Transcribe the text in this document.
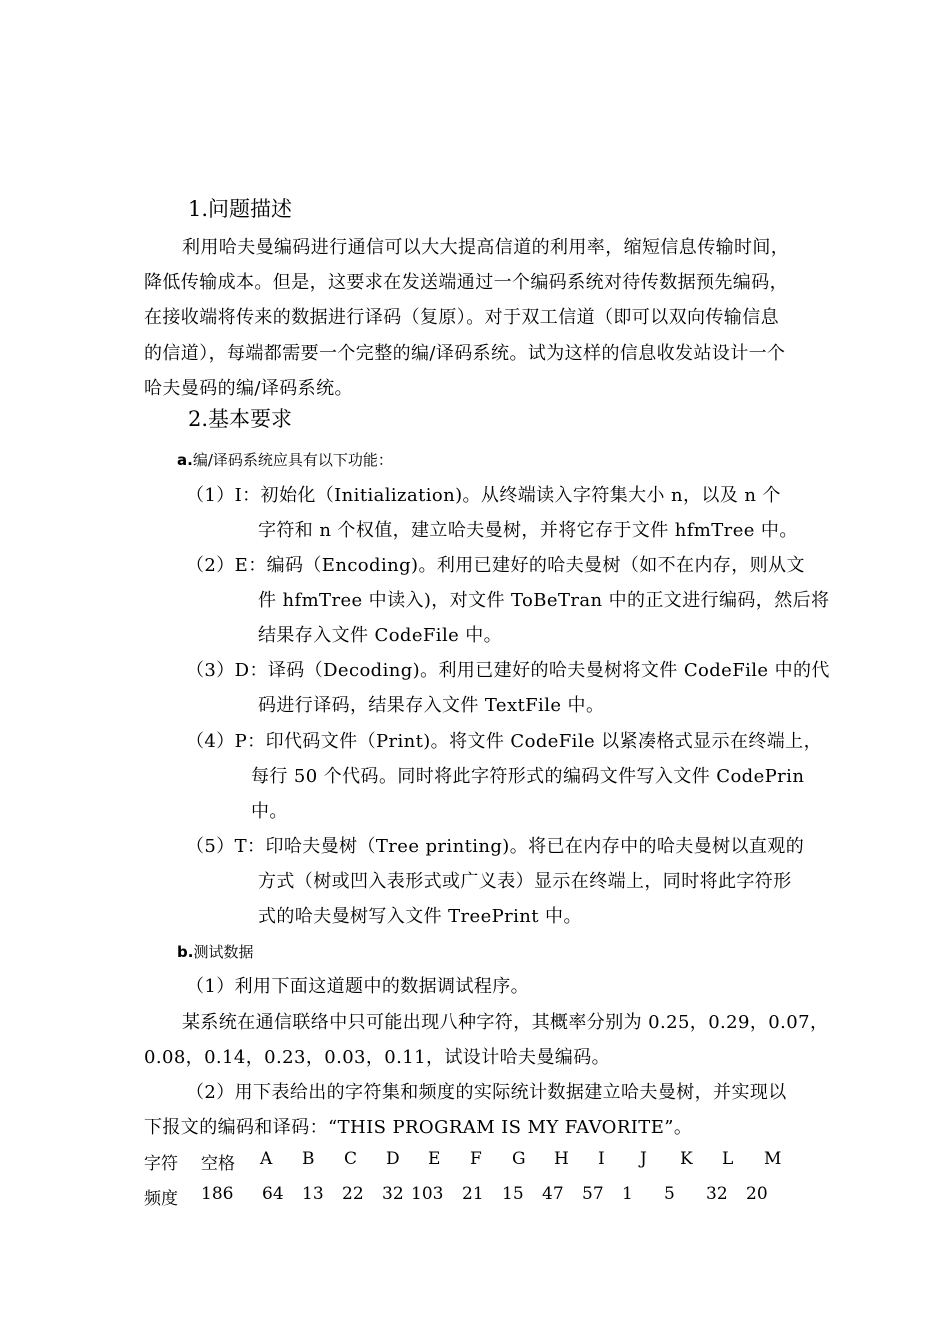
1.问题描述
利用哈夫曼编码进行通信可以大大提高信道的利用率，缩短信息传输时间，
降低传输成本。但是，这要求在发送端通过一个编码系统对待传数据预先编码，
在接收端将传来的数据进行译码（复原）。对于双工信道（即可以双向传输信息
的信道），每端都需要一个完整的编/译码系统。试为这样的信息收发站设计一个
哈夫曼码的编/译码系统。
2.基本要求
a.编/译码系统应具有以下功能：
（1）I：初始化（Initialization)。从终端读入字符集大小 n，以及 n 个
字符和 n 个权值，建立哈夫曼树，并将它存于文件 hfmTree 中。
（2）E：编码（Encoding)。利用已建好的哈夫曼树（如不在内存，则从文
件 hfmTree 中读入)，对文件 ToBeTran 中的正文进行编码，然后将
结果存入文件 CodeFile 中。
（3）D：译码（Decoding)。利用已建好的哈夫曼树将文件 CodeFile 中的代
码进行译码，结果存入文件 TextFile 中。
（4）P：印代码文件（Print)。将文件 CodeFile 以紧凑格式显示在终端上，
每行 50 个代码。同时将此字符形式的编码文件写入文件 CodePrin
中。
（5）T：印哈夫曼树（Tree printing)。将已在内存中的哈夫曼树以直观的
方式（树或凹入表形式或广义表）显示在终端上，同时将此字符形
式的哈夫曼树写入文件 TreePrint 中。
b.测试数据
（1）利用下面这道题中的数据调试程序。
某系统在通信联络中只可能出现八种字符，其概率分别为 0.25，0.29，0.07，
0.08，0.14，0.23，0.03，0.11，试设计哈夫曼编码。
（2）用下表给出的字符集和频度的实际统计数据建立哈夫曼树，并实现以
下报文的编码和译码：“THIS PROGRAM IS MY FAVORITE”。
字符 空格 A B C D E F G H I J K L M
频度 186 64 13 22 32 103 21 15 47 57 1 5 32 20
